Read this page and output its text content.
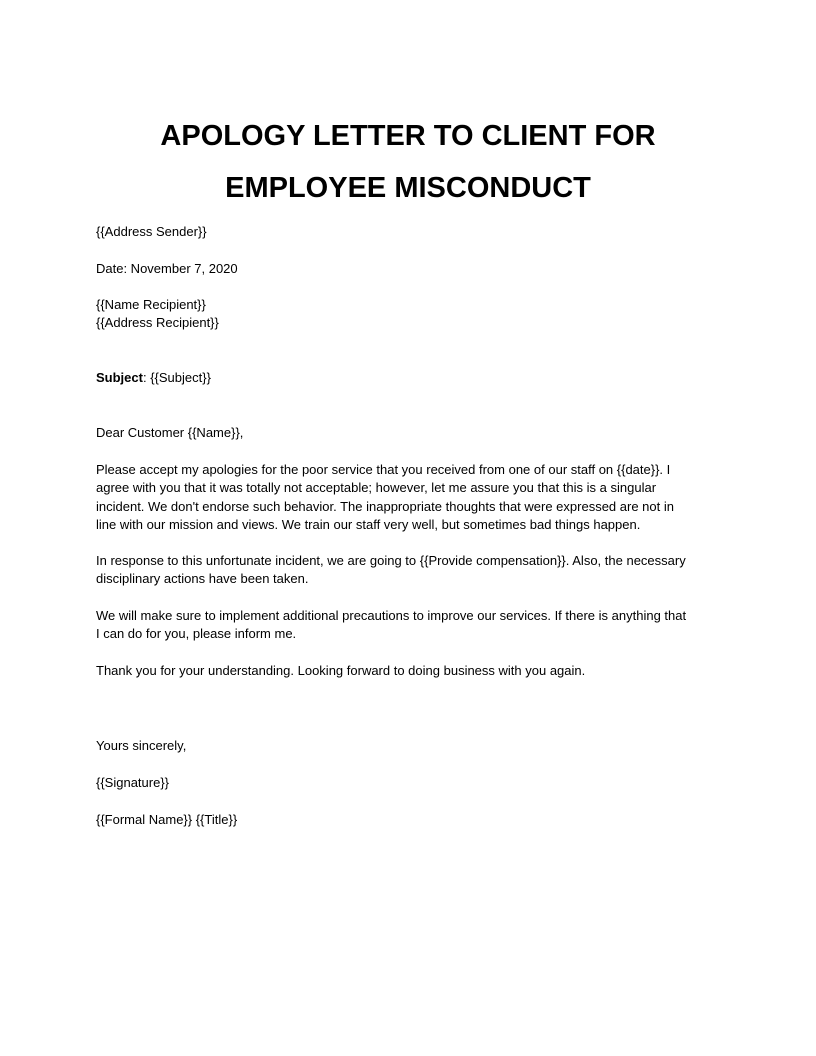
APOLOGY LETTER TO CLIENT FOR
EMPLOYEE MISCONDUCT

{{Address Sender}}

Date: November 7, 2020

{{Name Recipient}}
{{Address Recipient}}

Subject: {{Subject}}

Dear Customer {{Name}},

Please accept my apologies for the poor service that you received from one of our staff on {{date}}. I
agree with you that it was totally not acceptable; however, let me assure you that this is a singular
incident. We don't endorse such behavior. The inappropriate thoughts that were expressed are not in
line with our mission and views. We train our staff very well, but sometimes bad things happen.

In response to this unfortunate incident, we are going to {{Provide compensation}}. Also, the necessary
disciplinary actions have been taken.

We will make sure to implement additional precautions to improve our services. If there is anything that
I can do for you, please inform me.

Thank you for your understanding. Looking forward to doing business with you again.

Yours sincerely,

{{Signature}}

{{Formal Name}} {{Title}}
